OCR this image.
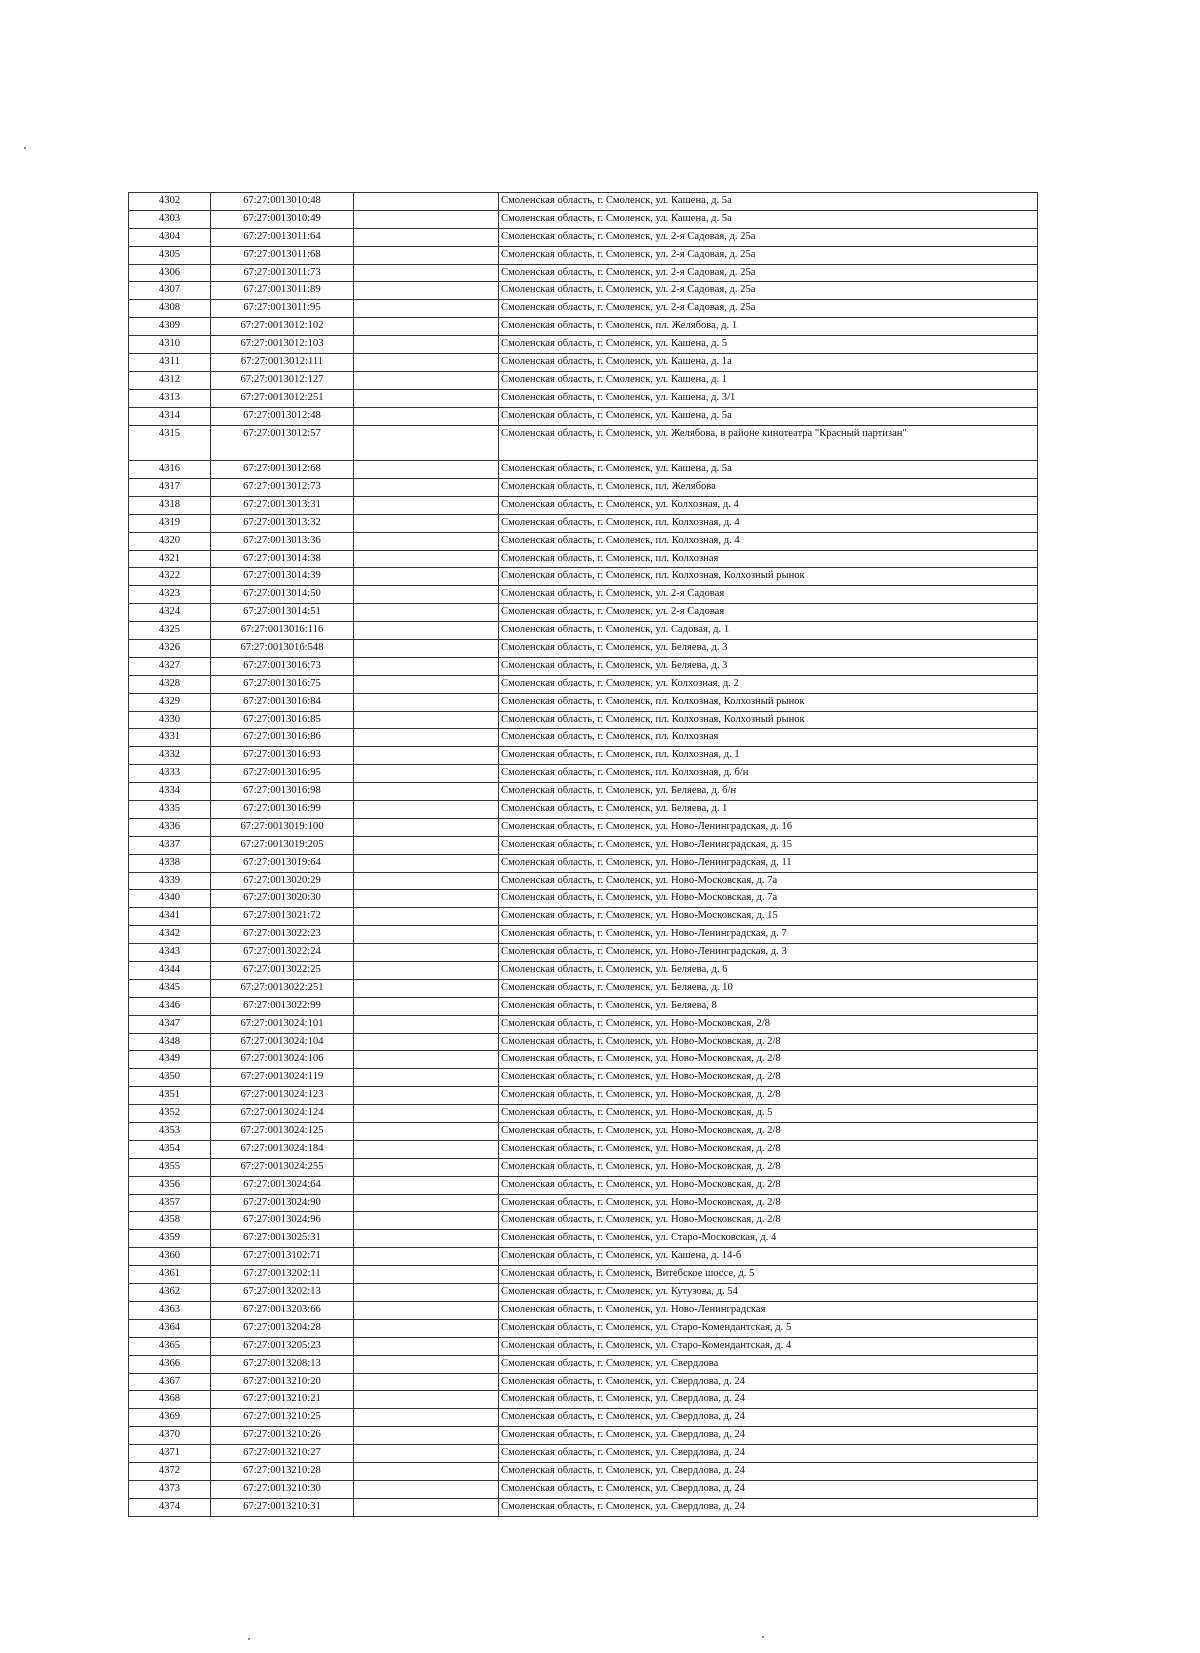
4302	67:27:0013010:48		Смоленская область, г. Смоленск, ул. Кашена, д. 5а
4303	67:27:0013010:49		Смоленская область, г. Смоленск, ул. Кашена, д. 5а
4304	67:27:0013011:64		Смоленская область, г. Смоленск, ул. 2-я Садовая, д. 25а
4305	67:27:0013011:68		Смоленская область, г. Смоленск, ул. 2-я Садовая, д. 25а
4306	67:27:0013011:73		Смоленская область, г. Смоленск, ул. 2-я Садовая, д. 25а
4307	67:27:0013011:89		Смоленская область, г. Смоленск, ул. 2-я Садовая, д. 25а
4308	67:27:0013011:95		Смоленская область, г. Смоленск, ул. 2-я Садовая, д. 25а
4309	67:27:0013012:102		Смоленская область, г. Смоленск, пл. Желябова, д. 1
4310	67:27:0013012:103		Смоленская область, г. Смоленск, ул. Кашена, д. 5
4311	67:27:0013012:111		Смоленская область, г. Смоленск, ул. Кашена, д. 1а
4312	67:27:0013012:127		Смоленская область, г. Смоленск, ул. Кашена, д. 1
4313	67:27:0013012:251		Смоленская область, г. Смоленск, ул. Кашена, д. 3/1
4314	67:27:0013012:48		Смоленская область, г. Смоленск, ул. Кашена, д. 5а
4315	67:27:0013012:57		Смоленская область, г. Смоленск, ул. Желябова, в районе кинотеатра "Красный партизан"
4316	67:27:0013012:68		Смоленская область, г. Смоленск, ул. Кашена, д. 5а
4317	67:27:0013012:73		Смоленская область, г. Смоленск, пл. Желябова
4318	67:27:0013013:31		Смоленская область, г. Смоленск, ул. Колхозная, д. 4
4319	67:27:0013013:32		Смоленская область, г. Смоленск, пл. Колхозная, д. 4
4320	67:27:0013013:36		Смоленская область, г. Смоленск, пл. Колхозная, д. 4
4321	67:27:0013014:38		Смоленская область, г. Смоленск, пл. Колхозная
4322	67:27:0013014:39		Смоленская область, г. Смоленск, пл. Колхозная, Колхозный рынок
4323	67:27:0013014:50		Смоленская область, г. Смоленск, ул. 2-я Садовая
4324	67:27:0013014:51		Смоленская область, г. Смоленск, ул. 2-я Садовая
4325	67:27:0013016:116		Смоленская область, г. Смоленск, ул. Садовая, д. 1
4326	67:27:0013016:548		Смоленская область, г. Смоленск, ул. Беляева, д. 3
4327	67:27:0013016:73		Смоленская область, г. Смоленск, ул. Беляева, д. 3
4328	67:27:0013016:75		Смоленская область, г. Смоленск, ул. Колхозная, д. 2
4329	67:27:0013016:84		Смоленская область, г. Смоленск, пл. Колхозная, Колхозный рынок
4330	67:27:0013016:85		Смоленская область, г. Смоленск, пл. Колхозная, Колхозный рынок
4331	67:27:0013016:86		Смоленская область, г. Смоленск, пл. Колхозная
4332	67:27:0013016:93		Смоленская область, г. Смоленск, пл. Колхозная, д. 1
4333	67:27:0013016:95		Смоленская область, г. Смоленск, пл. Колхозная, д. б/н
4334	67:27:0013016:98		Смоленская область, г. Смоленск, ул. Беляева, д. б/н
4335	67:27:0013016:99		Смоленская область, г. Смоленск, ул. Беляева, д. 1
4336	67:27:0013019:100		Смоленская область, г. Смоленск, ул. Ново-Ленинградская, д. 16
4337	67:27:0013019:205		Смоленская область, г. Смоленск, ул. Ново-Ленинградская, д. 15
4338	67:27:0013019:64		Смоленская область, г. Смоленск, ул. Ново-Ленинградская, д. 11
4339	67:27:0013020:29		Смоленская область, г. Смоленск, ул. Ново-Московская, д. 7а
4340	67:27:0013020:30		Смоленская область, г. Смоленск, ул. Ново-Московская, д. 7а
4341	67:27:0013021:72		Смоленская область, г. Смоленск, ул. Ново-Московская, д. 15
4342	67:27:0013022:23		Смоленская область, г. Смоленск, ул. Ново-Ленинградская, д. 7
4343	67:27:0013022:24		Смоленская область, г. Смоленск, ул. Ново-Ленинградская, д. 3
4344	67:27:0013022:25		Смоленская область, г. Смоленск, ул. Беляева, д. 6
4345	67:27:0013022:251		Смоленская область, г. Смоленск, ул. Беляева, д. 10
4346	67:27:0013022:99		Смоленская область, г. Смоленск, ул. Беляева, 8
4347	67:27:0013024:101		Смоленская область, г. Смоленск, ул. Ново-Московская, 2/8
4348	67:27:0013024:104		Смоленская область, г. Смоленск, ул. Ново-Московская, д. 2/8
4349	67:27:0013024:106		Смоленская область, г. Смоленск, ул. Ново-Московская, д. 2/8
4350	67:27:0013024:119		Смоленская область, г. Смоленск, ул. Ново-Московская, д. 2/8
4351	67:27:0013024:123		Смоленская область, г. Смоленск, ул. Ново-Московская, д. 2/8
4352	67:27:0013024:124		Смоленская область, г. Смоленск, ул. Ново-Московская, д. 5
4353	67:27:0013024:125		Смоленская область, г. Смоленск, ул. Ново-Московская, д. 2/8
4354	67:27:0013024:184		Смоленская область, г. Смоленск, ул. Ново-Московская, д. 2/8
4355	67:27:0013024:255		Смоленская область, г. Смоленск, ул. Ново-Московская, д. 2/8
4356	67:27:0013024:64		Смоленская область, г. Смоленск, ул. Ново-Московская, д. 2/8
4357	67:27:0013024:90		Смоленская область, г. Смоленск, ул. Ново-Московская, д. 2/8
4358	67:27:0013024:96		Смоленская область, г. Смоленск, ул. Ново-Московская, д. 2/8
4359	67:27:0013025:31		Смоленская область, г. Смоленск, ул. Старо-Московская, д. 4
4360	67:27:0013102:71		Смоленская область, г. Смоленск, ул. Кашена, д. 14-б
4361	67:27:0013202:11		Смоленская область, г. Смоленск, Витебское шоссе, д. 5
4362	67:27:0013202:13		Смоленская область, г. Смоленск, ул. Кутузова, д. 54
4363	67:27:0013203:66		Смоленская область, г. Смоленск, ул. Ново-Ленинградская
4364	67:27:0013204:28		Смоленская область, г. Смоленск, ул. Старо-Комендантская, д. 5
4365	67:27:0013205:23		Смоленская область, г. Смоленск, ул. Старо-Комендантская, д. 4
4366	67:27:0013208:13		Смоленская область, г. Смоленск, ул. Свердлова
4367	67:27:0013210:20		Смоленская область, г. Смоленск, ул. Свердлова, д. 24
4368	67:27:0013210:21		Смоленская область, г. Смоленск, ул. Свердлова, д. 24
4369	67:27:0013210:25		Смоленская область, г. Смоленск, ул. Свердлова, д. 24
4370	67:27:0013210:26		Смоленская область, г. Смоленск, ул. Свердлова, д. 24
4371	67:27:0013210:27		Смоленская область, г. Смоленск, ул. Свердлова, д. 24
4372	67:27:0013210:28		Смоленская область, г. Смоленск, ул. Свердлова, д. 24
4373	67:27:0013210:30		Смоленская область, г. Смоленск, ул. Свердлова, д. 24
4374	67:27:0013210:31		Смоленская область, г. Смоленск, ул. Свердлова, д. 24
